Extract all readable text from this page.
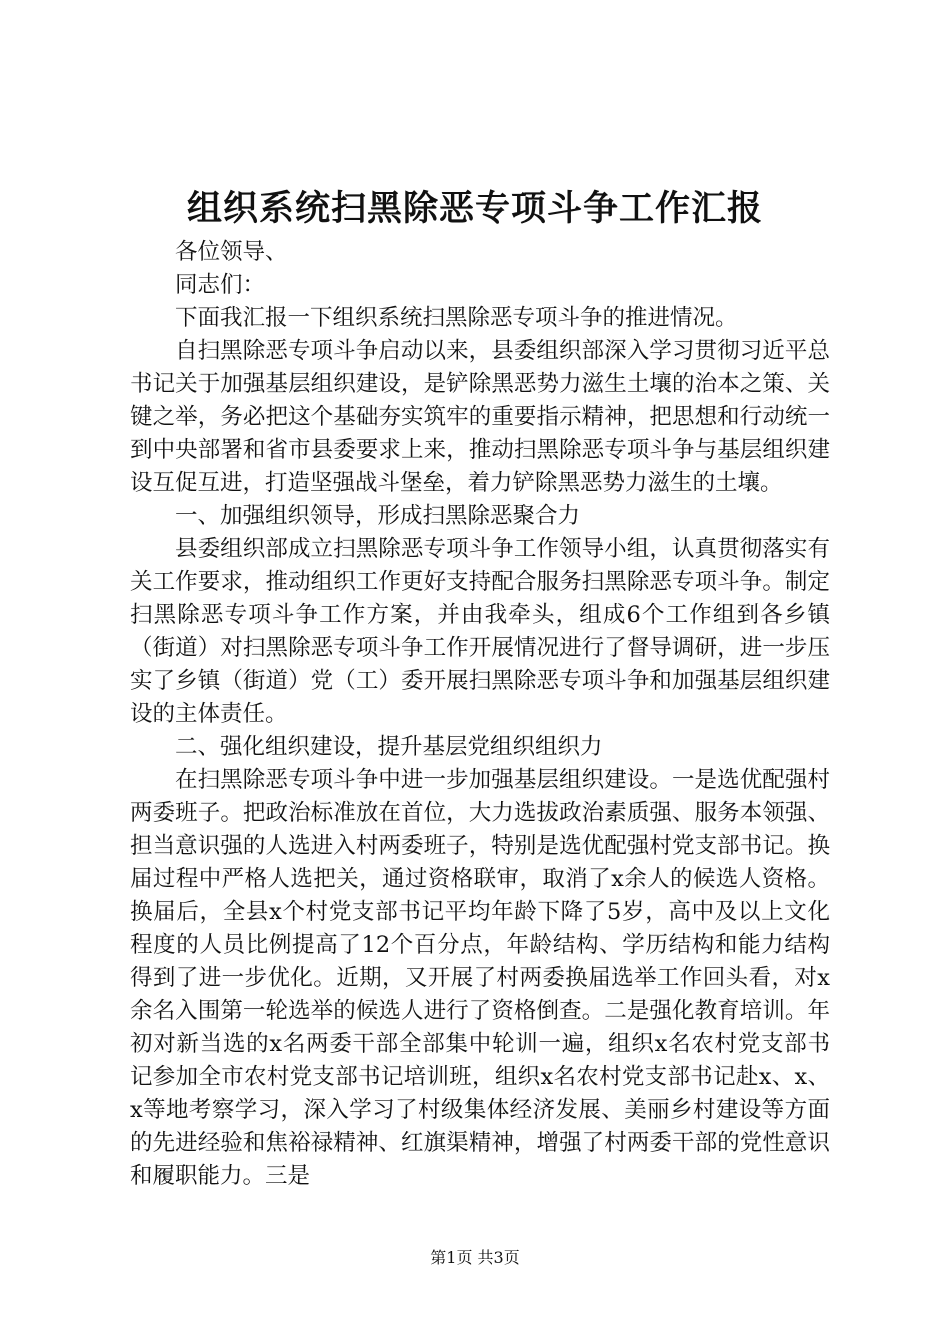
组织系统扫黑除恶专项斗争工作汇报

各位领导、

同志们：

下面我汇报一下组织系统扫黑除恶专项斗争的推进情况。

自扫黑除恶专项斗争启动以来，县委组织部深入学习贯彻习近平总书记关于加强基层组织建设，是铲除黑恶势力滋生土壤的治本之策、关键之举，务必把这个基础夯实筑牢的重要指示精神，把思想和行动统一到中央部署和省市县委要求上来，推动扫黑除恶专项斗争与基层组织建设互促互进，打造坚强战斗堡垒，着力铲除黑恶势力滋生的土壤。

一、加强组织领导，形成扫黑除恶聚合力

县委组织部成立扫黑除恶专项斗争工作领导小组，认真贯彻落实有关工作要求，推动组织工作更好支持配合服务扫黑除恶专项斗争。制定扫黑除恶专项斗争工作方案，并由我牵头，组成6个工作组到各乡镇（街道）对扫黑除恶专项斗争工作开展情况进行了督导调研，进一步压实了乡镇（街道）党（工）委开展扫黑除恶专项斗争和加强基层组织建设的主体责任。

二、强化组织建设，提升基层党组织组织力

在扫黑除恶专项斗争中进一步加强基层组织建设。一是选优配强村两委班子。把政治标准放在首位，大力选拔政治素质强、服务本领强、担当意识强的人选进入村两委班子，特别是选优配强村党支部书记。换届过程中严格人选把关，通过资格联审，取消了x余人的候选人资格。换届后，全县x个村党支部书记平均年龄下降了5岁，高中及以上文化程度的人员比例提高了12个百分点，年龄结构、学历结构和能力结构得到了进一步优化。近期，又开展了村两委换届选举工作回头看，对x余名入围第一轮选举的候选人进行了资格倒查。二是强化教育培训。年初对新当选的x名两委干部全部集中轮训一遍，组织x名农村党支部书记参加全市农村党支部书记培训班，组织x名农村党支部书记赴x、x、x等地考察学习，深入学习了村级集体经济发展、美丽乡村建设等方面的先进经验和焦裕禄精神、红旗渠精神，增强了村两委干部的党性意识和履职能力。三是

第1页 共3页
